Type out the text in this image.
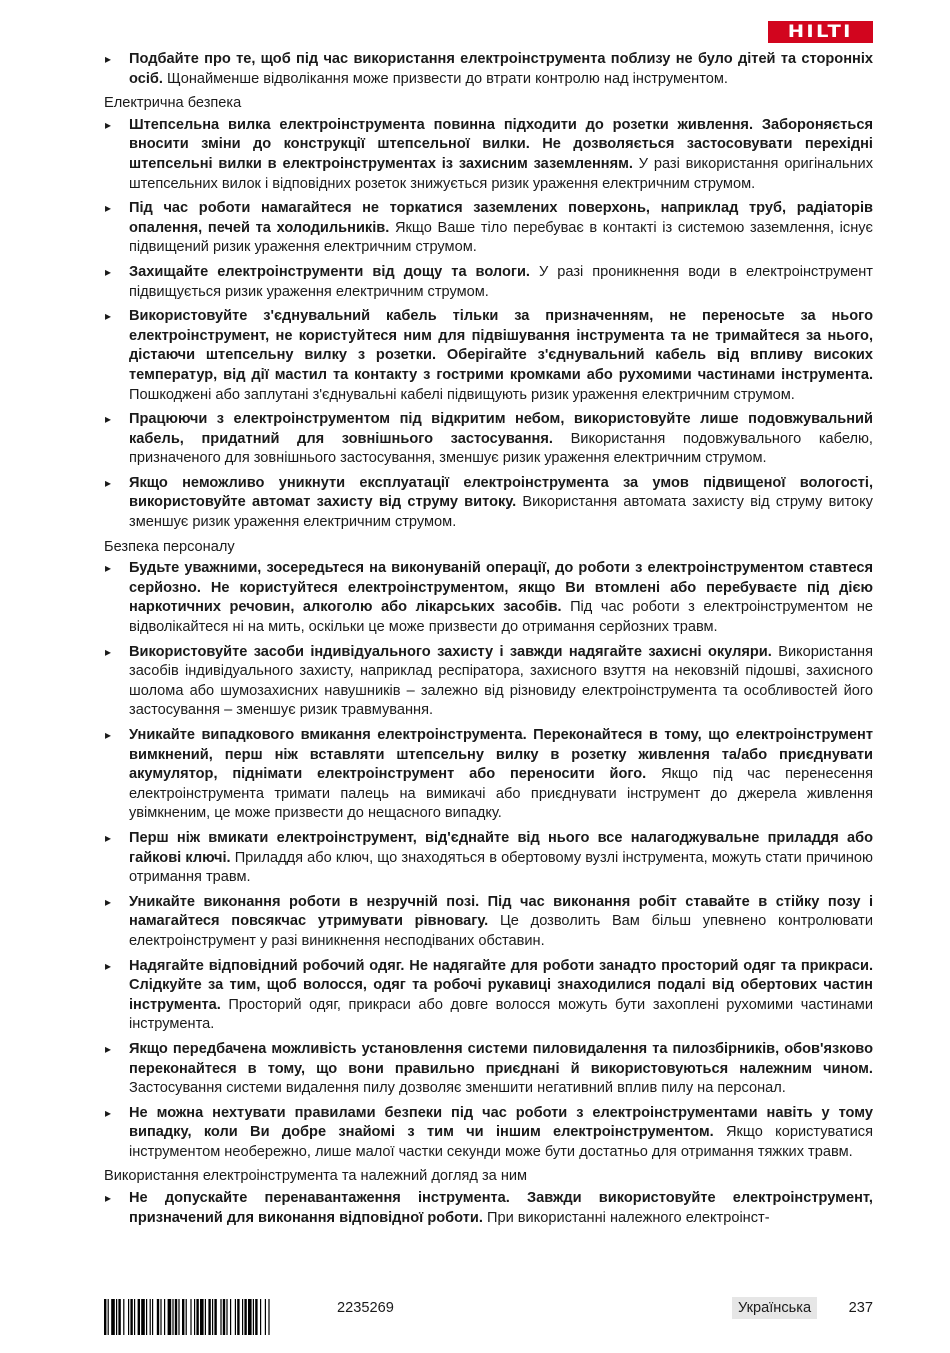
HILTI
▸ Подбайте про те, щоб під час використання електроінструмента поблизу не було дітей та сторонніх осіб. Щонайменше відволікання може призвести до втрати контролю над інструментом.
Електрична безпека
▸ Штепсельна вилка електроінструмента повинна підходити до розетки живлення. Забороняється вносити зміни до конструкції штепсельної вилки. Не дозволяється застосовувати перехідні штепсельні вилки в електроінструментах із захисним заземленням. У разі використання оригінальних штепсельних вилок і відповідних розеток знижується ризик ураження електричним струмом.
▸ Під час роботи намагайтеся не торкатися заземлених поверхонь, наприклад труб, радіаторів опалення, печей та холодильників. Якщо Ваше тіло перебуває в контакті із системою заземлення, існує підвищений ризик ураження електричним струмом.
▸ Захищайте електроінструменти від дощу та вологи. У разі проникнення води в електроінструмент підвищується ризик ураження електричним струмом.
▸ Використовуйте з'єднувальний кабель тільки за призначенням, не переносьте за нього електроінструмент, не користуйтеся ним для підвішування інструмента та не тримайтеся за нього, дістаючи штепсельну вилку з розетки. Оберігайте з'єднувальний кабель від впливу високих температур, від дії мастил та контакту з гострими кромками або рухомими частинами інструмента. Пошкоджені або заплутані з'єднувальні кабелі підвищують ризик ураження електричним струмом.
▸ Працюючи з електроінструментом під відкритим небом, використовуйте лише подовжувальний кабель, придатний для зовнішнього застосування. Використання подовжувального кабелю, призначеного для зовнішнього застосування, зменшує ризик ураження електричним струмом.
▸ Якщо неможливо уникнути експлуатації електроінструмента за умов підвищеної вологості, використовуйте автомат захисту від струму витоку. Використання автомата захисту від струму витоку зменшує ризик ураження електричним струмом.
Безпека персоналу
▸ Будьте уважними, зосередьтеся на виконуваній операції, до роботи з електроінструментом ставтеся серйозно. Не користуйтеся електроінструментом, якщо Ви втомлені або перебуваєте під дією наркотичних речовин, алкоголю або лікарських засобів. Під час роботи з електроінструментом не відволікайтеся ні на мить, оскільки це може призвести до отримання серйозних травм.
▸ Використовуйте засоби індивідуального захисту і завжди надягайте захисні окуляри. Використання засобів індивідуального захисту, наприклад респіратора, захисного взуття на нековзній підошві, захисного шолома або шумозахисних навушників – залежно від різновиду електроінструмента та особливостей його застосування – зменшує ризик травмування.
▸ Уникайте випадкового вмикання електроінструмента. Переконайтеся в тому, що електроінструмент вимкнений, перш ніж вставляти штепсельну вилку в розетку живлення та/або приєднувати акумулятор, піднімати електроінструмент або переносити його. Якщо під час перенесення електроінструмента тримати палець на вимикачі або приєднувати інструмент до джерела живлення увімкненим, це може призвести до нещасного випадку.
▸ Перш ніж вмикати електроінструмент, від'єднайте від нього все налагоджувальне приладдя або гайкові ключі. Приладдя або ключ, що знаходяться в обертовому вузлі інструмента, можуть стати причиною отримання травм.
▸ Уникайте виконання роботи в незручній позі. Під час виконання робіт ставайте в стійку позу і намагайтеся повсякчас утримувати рівновагу. Це дозволить Вам більш упевнено контролювати електроінструмент у разі виникнення несподіваних обставин.
▸ Надягайте відповідний робочий одяг. Не надягайте для роботи занадто просторий одяг та прикраси. Слідкуйте за тим, щоб волосся, одяг та робочі рукавиці знаходилися подалі від обертових частин інструмента. Просторий одяг, прикраси або довге волосся можуть бути захоплені рухомими частинами інструмента.
▸ Якщо передбачена можливість установлення системи пиловидалення та пилозбірників, обов'язково переконайтеся в тому, що вони правильно приєднані й використовуються належним чином. Застосування системи видалення пилу дозволяє зменшити негативний вплив пилу на персонал.
▸ Не можна нехтувати правилами безпеки під час роботи з електроінструментами навіть у тому випадку, коли Ви добре знайомі з тим чи іншим електроінструментом. Якщо користуватися інструментом необережно, лише малої частки секунди може бути достатньо для отримання тяжких травм.
Використання електроінструмента та належний догляд за ним
▸ Не допускайте перенавантаження інструмента. Завжди використовуйте електроінструмент, призначений для виконання відповідної роботи. При використанні належного електроінст-
2235269	Українська	237
